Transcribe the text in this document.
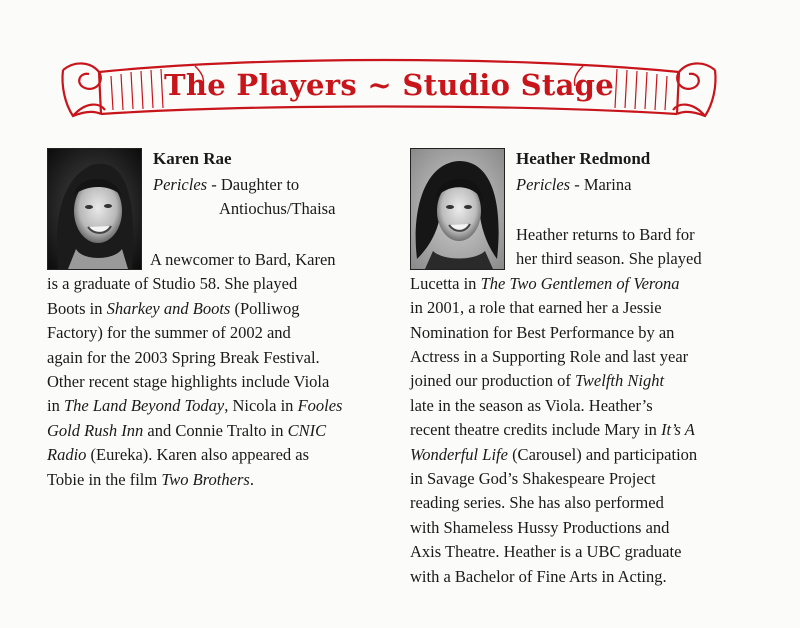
The Players ~ Studio Stage
Karen Rae
Pericles - Daughter to
Antiochus/Thaisa
A newcomer to Bard, Karen
is a graduate of Studio 58. She played
Boots in Sharkey and Boots (Polliwog
Factory) for the summer of 2002 and
again for the 2003 Spring Break Festival.
Other recent stage highlights include Viola
in The Land Beyond Today, Nicola in Fooles
Gold Rush Inn and Connie Tralto in CNIC
Radio (Eureka). Karen also appeared as
Tobie in the film Two Brothers.
Heather Redmond
Pericles - Marina
Heather returns to Bard for
her third season. She played
Lucetta in The Two Gentlemen of Verona
in 2001, a role that earned her a Jessie
Nomination for Best Performance by an
Actress in a Supporting Role and last year
joined our production of Twelfth Night
late in the season as Viola. Heather’s
recent theatre credits include Mary in It’s A
Wonderful Life (Carousel) and participation
in Savage God’s Shakespeare Project
reading series. She has also performed
with Shameless Hussy Productions and
Axis Theatre. Heather is a UBC graduate
with a Bachelor of Fine Arts in Acting.
